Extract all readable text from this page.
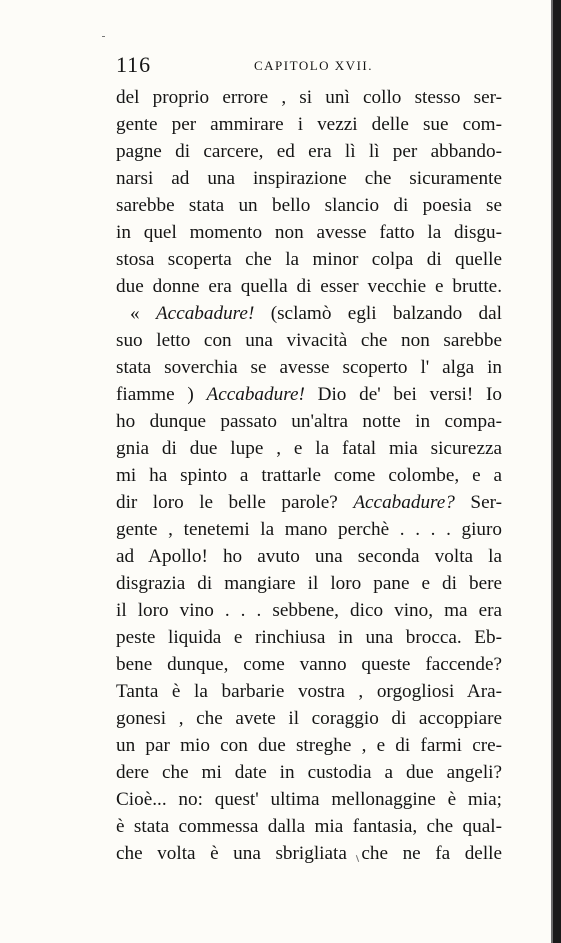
116	CAPITOLO XVII.
del proprio errore , si unì collo stesso ser-
gente per ammirare i vezzi delle sue com-
pagne di carcere, ed era lì lì per abbando-
narsi ad una inspirazione che sicuramente
sarebbe stata un bello slancio di poesia se
in quel momento non avesse fatto la disgu-
stosa scoperta che la minor colpa di quelle
due donne era quella di esser vecchie e brutte.
« Accabadure! (sclamò egli balzando dal
suo letto con una vivacità che non sarebbe
stata soverchia se avesse scoperto l' alga in
fiamme ) Accabadure! Dio de' bei versi! Io
ho dunque passato un'altra notte in compa-
gnia di due lupe , e la fatal mia sicurezza
mi ha spinto a trattarle come colombe, e a
dir loro le belle parole? Accabadure? Ser-
gente , tenetemi la mano perchè . . . . giuro
ad Apollo! ho avuto una seconda volta la
disgrazia di mangiare il loro pane e di bere
il loro vino . . . sebbene, dico vino, ma era
peste liquida e rinchiusa in una brocca. Eb-
bene dunque, come vanno queste faccende?
Tanta è la barbarie vostra , orgogliosi Ara-
gonesi , che avete il coraggio di accoppiare
un par mio con due streghe , e di farmi cre-
dere che mi date in custodia a due angeli?
Cioè... no: quest' ultima mellonaggine è mia;
è stata commessa dalla mia fantasia, che qual-
che volta è una sbrigliata che ne fa delle
